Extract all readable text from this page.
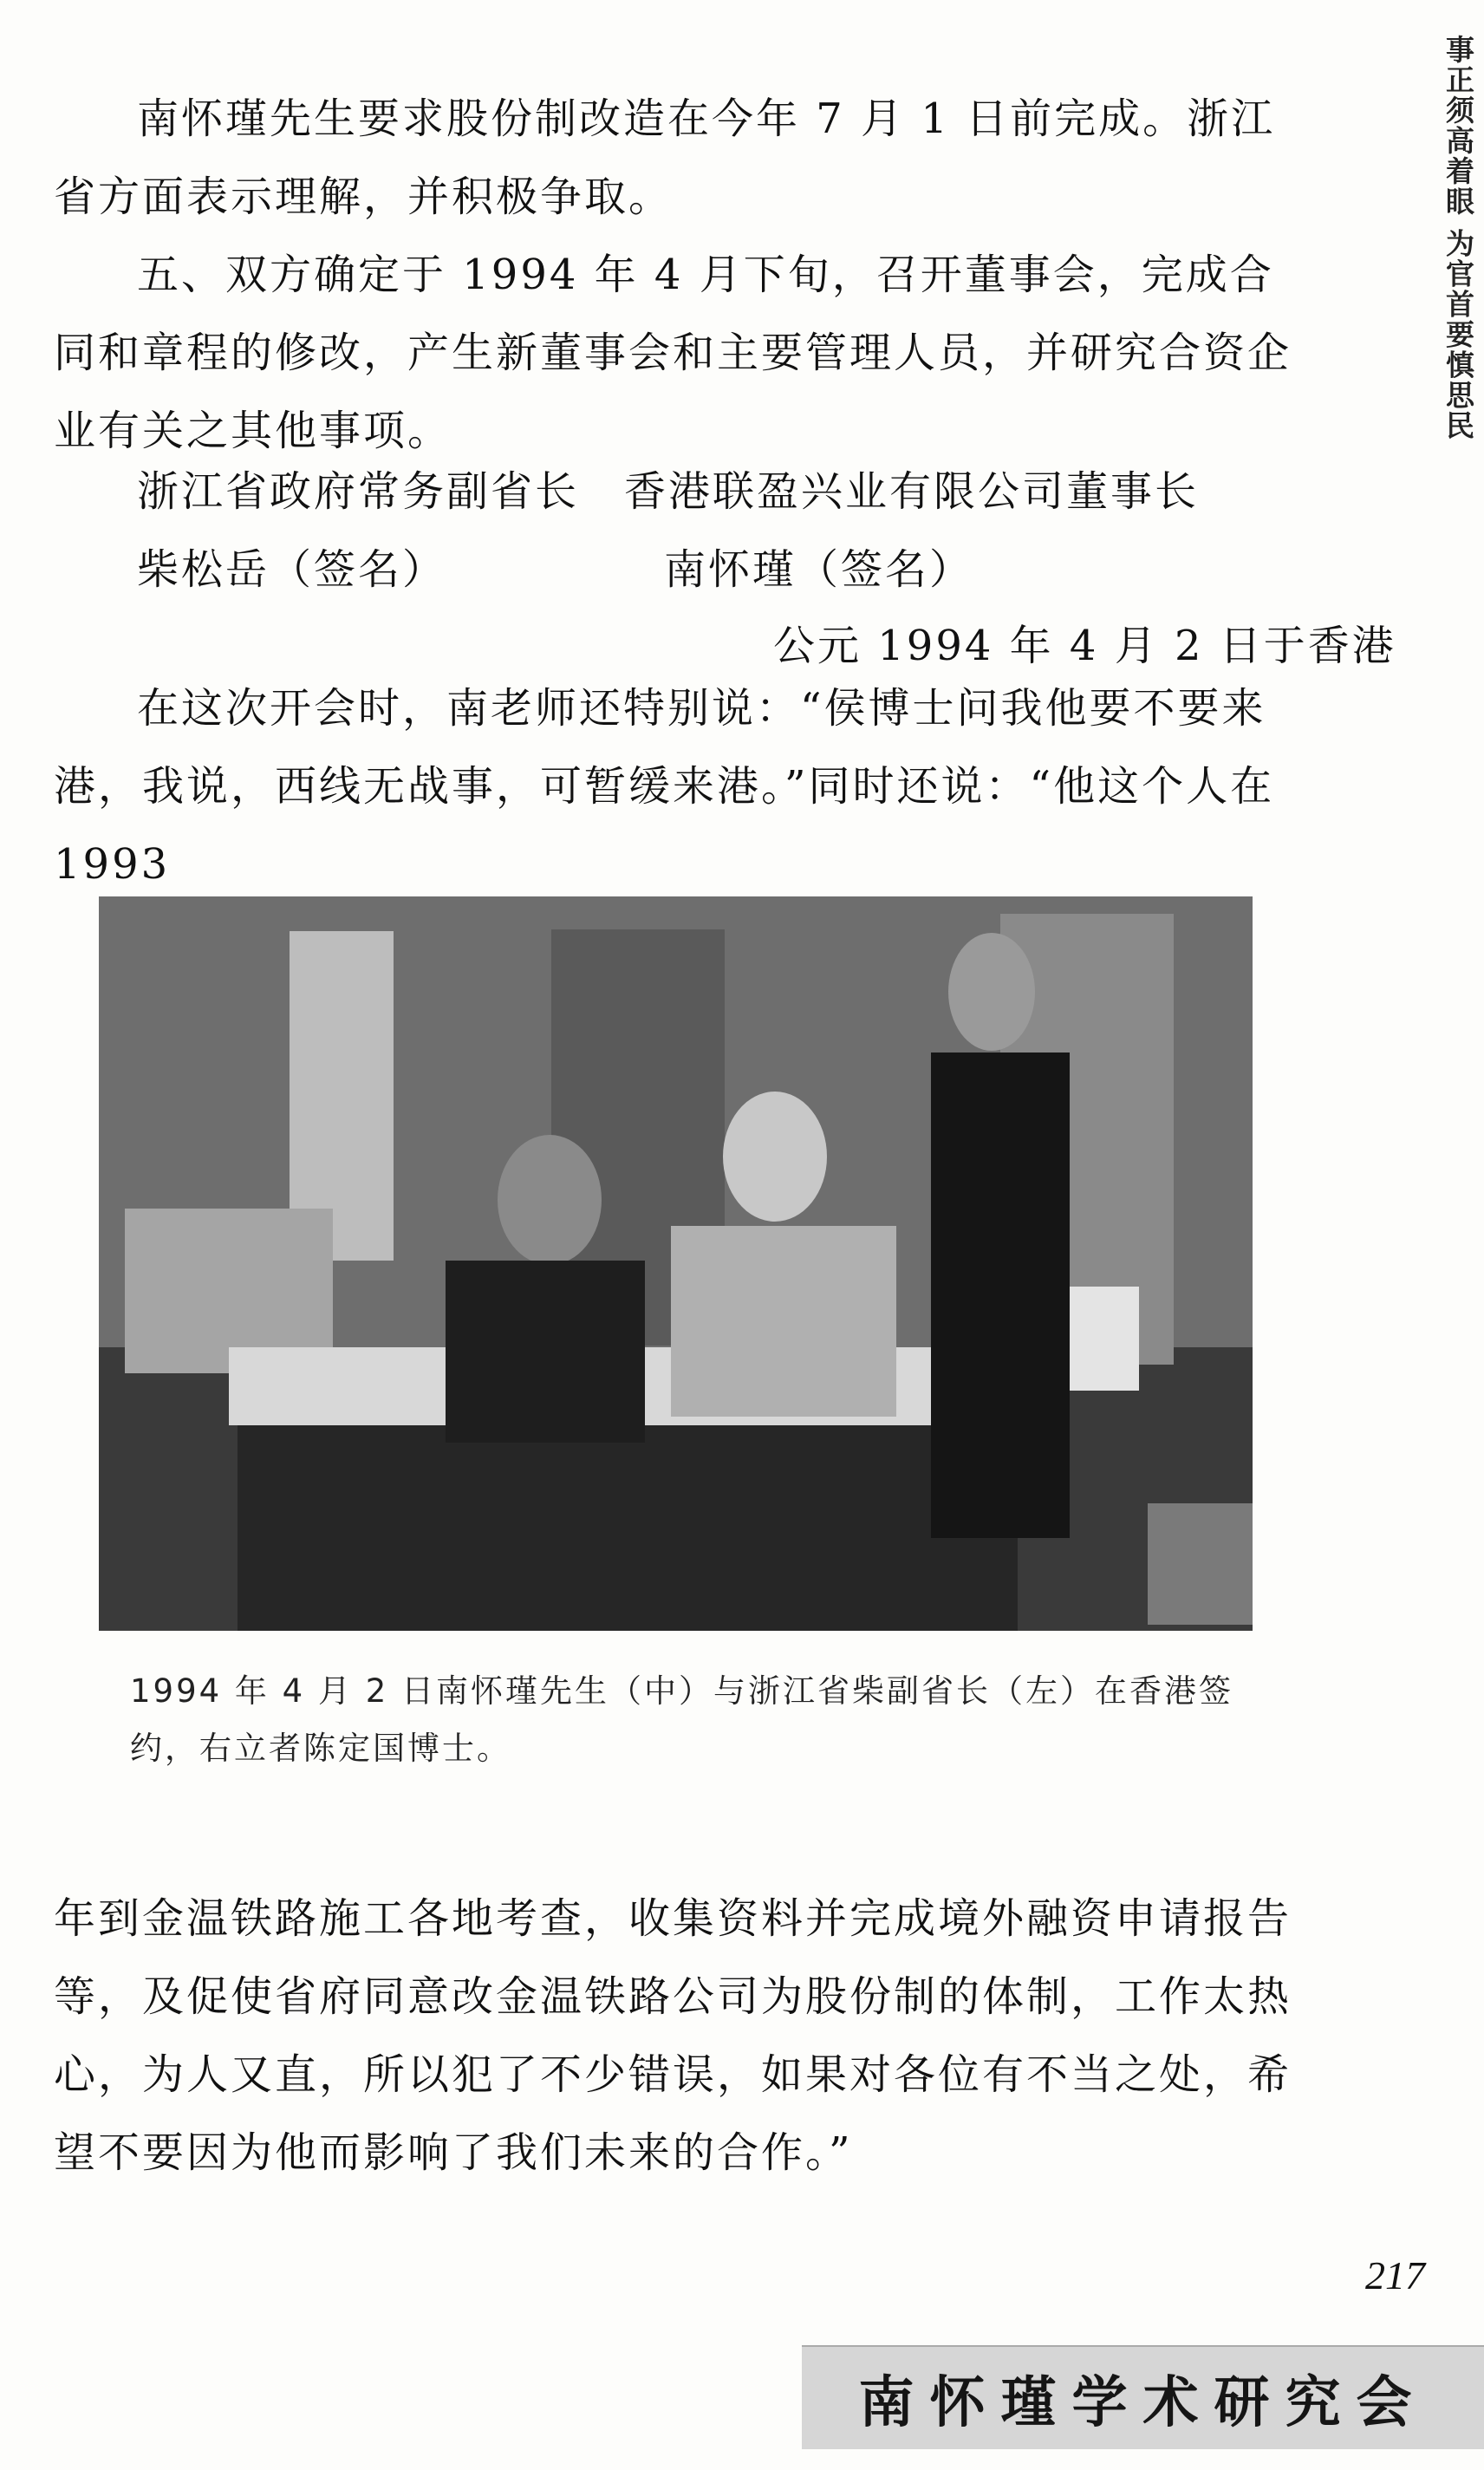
事正须高着眼 为官首要慎思民

南怀瑾先生要求股份制改造在今年 7 月 1 日前完成。浙江省方面表示理解，并积极争取。

五、双方确定于 1994 年 4 月下旬，召开董事会，完成合同和章程的修改，产生新董事会和主要管理人员，并研究合资企业有关之其他事项。

浙江省政府常务副省长 香港联盈兴业有限公司董事长
柴松岳（签名）	南怀瑾（签名）
公元 1994 年 4 月 2 日于香港

在这次开会时，南老师还特别说：“侯博士问我他要不要来港，我说，西线无战事，可暂缓来港。”同时还说：“他这个人在 1993

1994 年 4 月 2 日南怀瑾先生（中）与浙江省柴副省长（左）在香港签约，右立者陈定国博士。

年到金温铁路施工各地考查，收集资料并完成境外融资申请报告等，及促使省府同意改金温铁路公司为股份制的体制，工作太热心，为人又直，所以犯了不少错误，如果对各位有不当之处，希望不要因为他而影响了我们未来的合作。”

217
南怀瑾学术研究会
